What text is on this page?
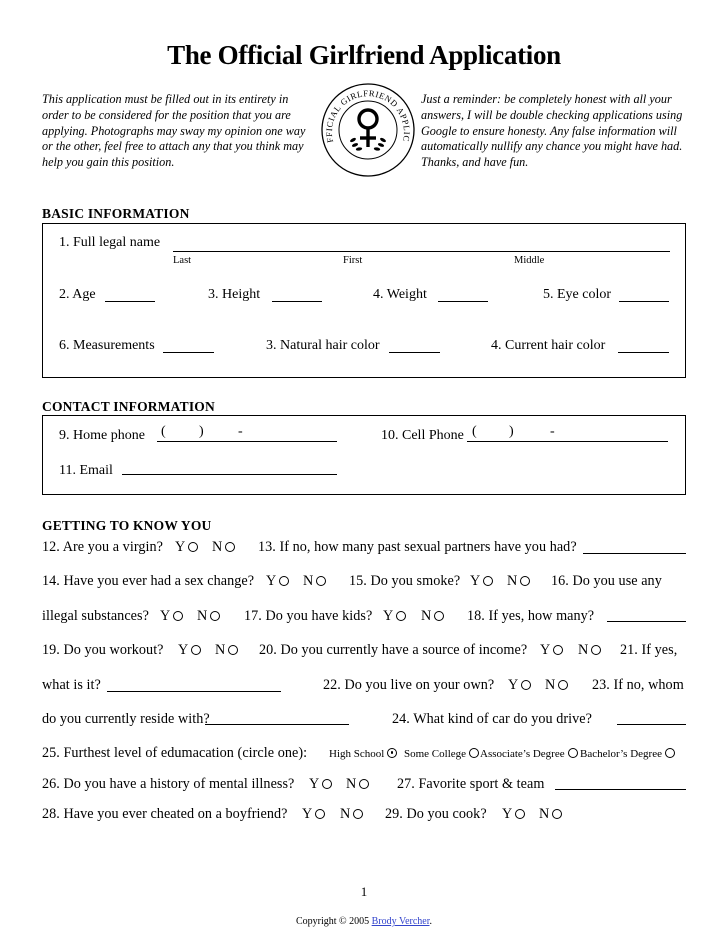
The Official Girlfriend Application
This application must be filled out in its entirety in order to be considered for the position that you are applying. Photographs may sway my opinion one way or the other, feel free to attach any that you think may help you gain this position.
Just a reminder: be completely honest with all your answers, I will be double checking applications using Google to ensure honesty. Any false information will automatically nullify any chance you might have had. Thanks, and have fun.
FFICIAL GIRLFRIEND APPLIC
BASIC INFORMATION
1. Full legal name
Last	First	Middle
2. Age	3. Height	4. Weight	5. Eye color
6. Measurements	3. Natural hair color	4. Current hair color
CONTACT INFORMATION
9. Home phone ( ) -	10. Cell Phone ( )	-
11. Email
GETTING TO KNOW YOU
12. Are you a virgin? Y	N	13. If no, how many past sexual partners have you had?
14. Have you ever had a sex change? Y	N	15. Do you smoke? Y	N	16. Do you use any
illegal substances? Y	N	17. Do you have kids? Y	N	18. If yes, how many?
19. Do you workout? Y	N	20. Do you currently have a source of income? Y	N	21. If yes,
what is it?	22. Do you live on your own? Y	N	23. If no, whom
do you currently reside with?	24. What kind of car do you drive?
25. Furthest level of edumacation (circle one): High School	Some College	Associate’s Degree	Bachelor’s Degree
26. Do you have a history of mental illness? Y	N	27. Favorite sport & team
28. Have you ever cheated on a boyfriend? Y	N	29. Do you cook? Y	N
1
Copyright © 2005 Brody Vercher.
